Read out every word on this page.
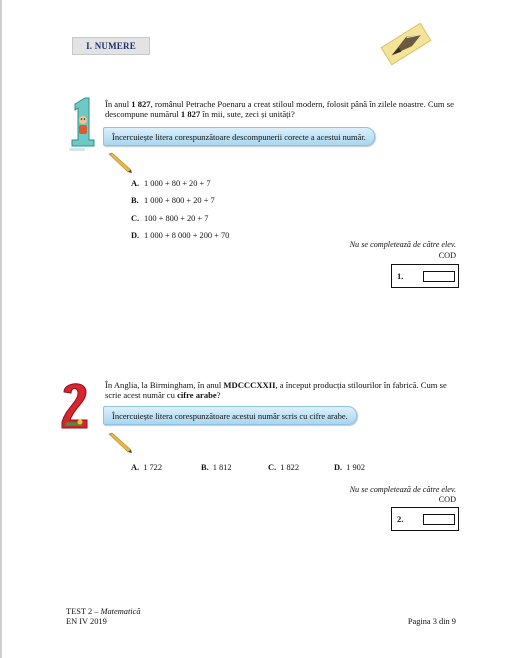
I. NUMERE
În anul 1 827, românul Petrache Poenaru a creat stiloul modern, folosit până în zilele noastre. Cum se descompune numărul 1 827 în mii, sute, zeci și unități?
Încercuiește litera corespunzătoare descompunerii corecte a acestui număr.
A. 1 000 + 80 + 20 + 7
B. 1 000 + 800 + 20 + 7
C. 100 + 800 + 20 + 7
D. 1 000 + 8 000 + 200 + 70
Nu se completează de către elev.
COD
1.
În Anglia, la Birmingham, în anul MDCCCXXII, a început producția stilourilor în fabrică. Cum se scrie acest număr cu cifre arabe?
Încercuiește litera corespunzătoare acestui număr scris cu cifre arabe.
A. 1 722	B. 1 812	C. 1 822	D. 1 902
Nu se completează de către elev.
COD
2.
TEST 2 – Matematică
EN IV 2019	Pagina 3 din 9
